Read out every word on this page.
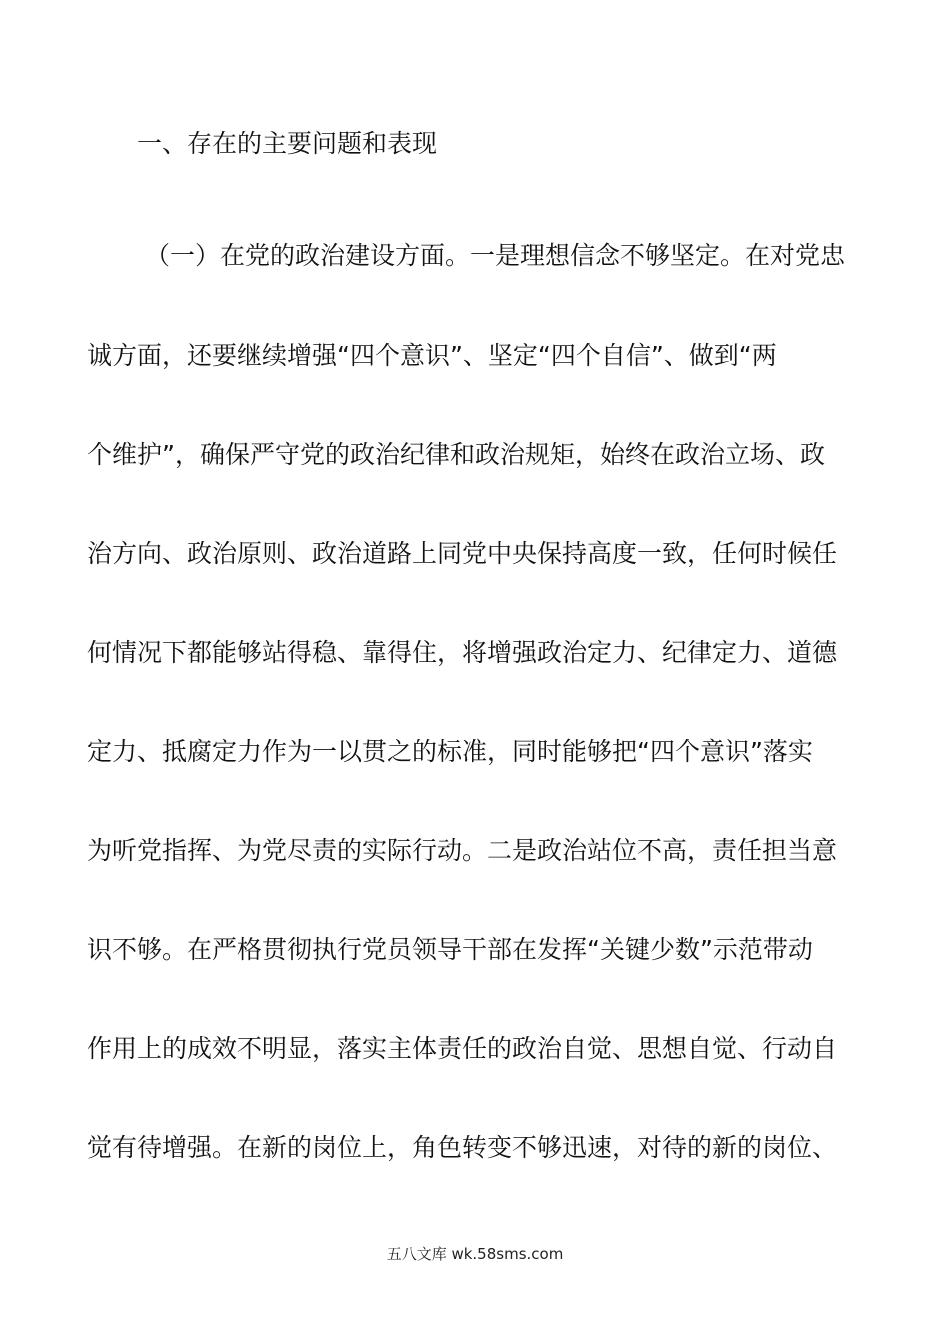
一、存在的主要问题和表现
（一）在党的政治建设方面。一是理想信念不够坚定。在对党忠
诚方面，还要继续增强“四个意识”、坚定“四个自信”、做到“两
个维护”，确保严守党的政治纪律和政治规矩，始终在政治立场、政
治方向、政治原则、政治道路上同党中央保持高度一致，任何时候任
何情况下都能够站得稳、靠得住，将增强政治定力、纪律定力、道德
定力、抵腐定力作为一以贯之的标准，同时能够把“四个意识”落实
为听党指挥、为党尽责的实际行动。二是政治站位不高，责任担当意
识不够。在严格贯彻执行党员领导干部在发挥“关键少数”示范带动
作用上的成效不明显，落实主体责任的政治自觉、思想自觉、行动自
觉有待增强。在新的岗位上，角色转变不够迅速，对待的新的岗位、
五八文库 wk.58sms.com
